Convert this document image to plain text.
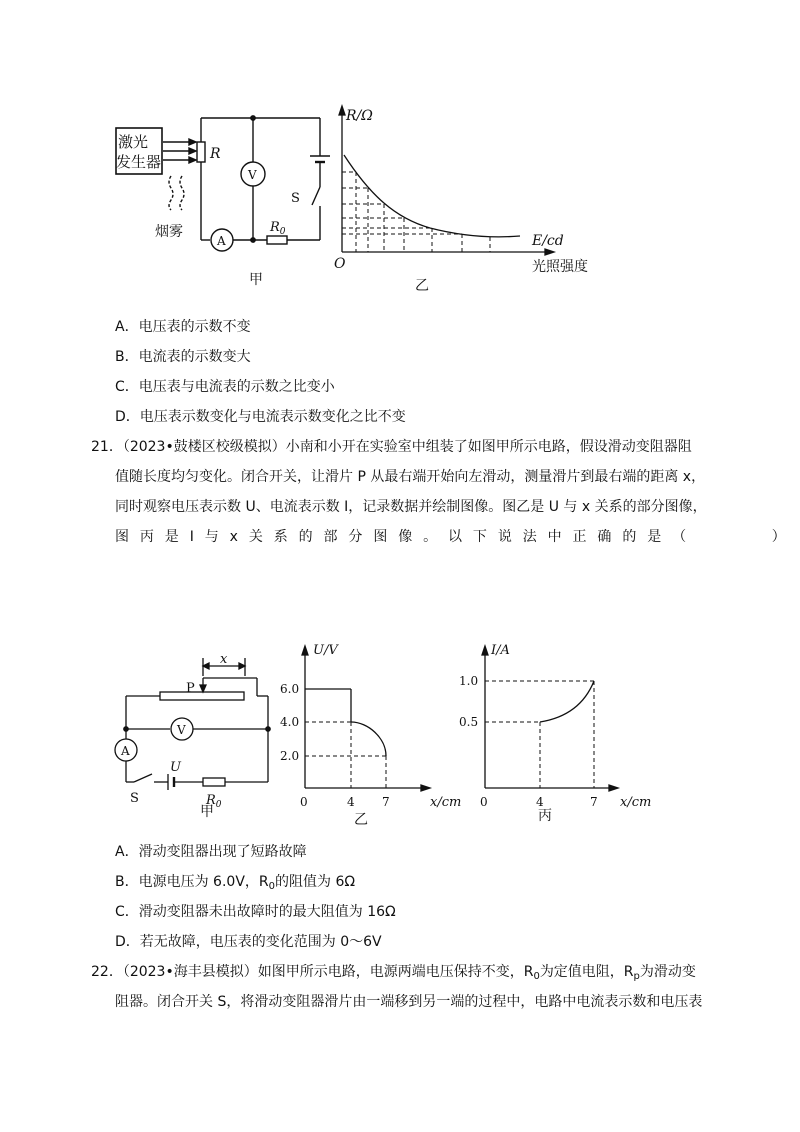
激光
发生器
烟雾
R
V
A
S
$R_0$
甲
R/Ω
E/cd
O	光照强度
乙
A．电压表的示数不变
B．电流表的示数变大
C．电压表与电流表的示数之比变小
D．电压表示数变化与电流表示数变化之比不变
21．（2023•鼓楼区校级模拟）小南和小开在实验室中组装了如图甲所示电路，假设滑动变阻器阻
值随长度均匀变化。闭合开关，让滑片 P 从最右端开始向左滑动，测量滑片到最右端的距离 x，
同时观察电压表示数 U、电流表示数 I，记录数据并绘制图像。图乙是 U 与 x 关系的部分图像，
图丙是I与x关系的部分图像。以下说法中正确的是（　　　）
x
P
V
A
S
U
$R_0$
甲
U/V
6.0
4.0
2.0
0	4 7	x/cm
乙
I/A
1.0
0.5
0	4	7 x/cm
丙
A．滑动变阻器出现了短路故障
B．电源电压为 6.0V，$R_0$的阻值为 6Ω
C．滑动变阻器未出故障时的最大阻值为 16Ω
D．若无故障，电压表的变化范围为 0～6V
22．（2023•海丰县模拟）如图甲所示电路，电源两端电压保持不变，$R_0$为定值电阻，$R_p$为滑动变
阻器。闭合开关 S，将滑动变阻器滑片由一端移到另一端的过程中，电路中电流表示数和电压表
